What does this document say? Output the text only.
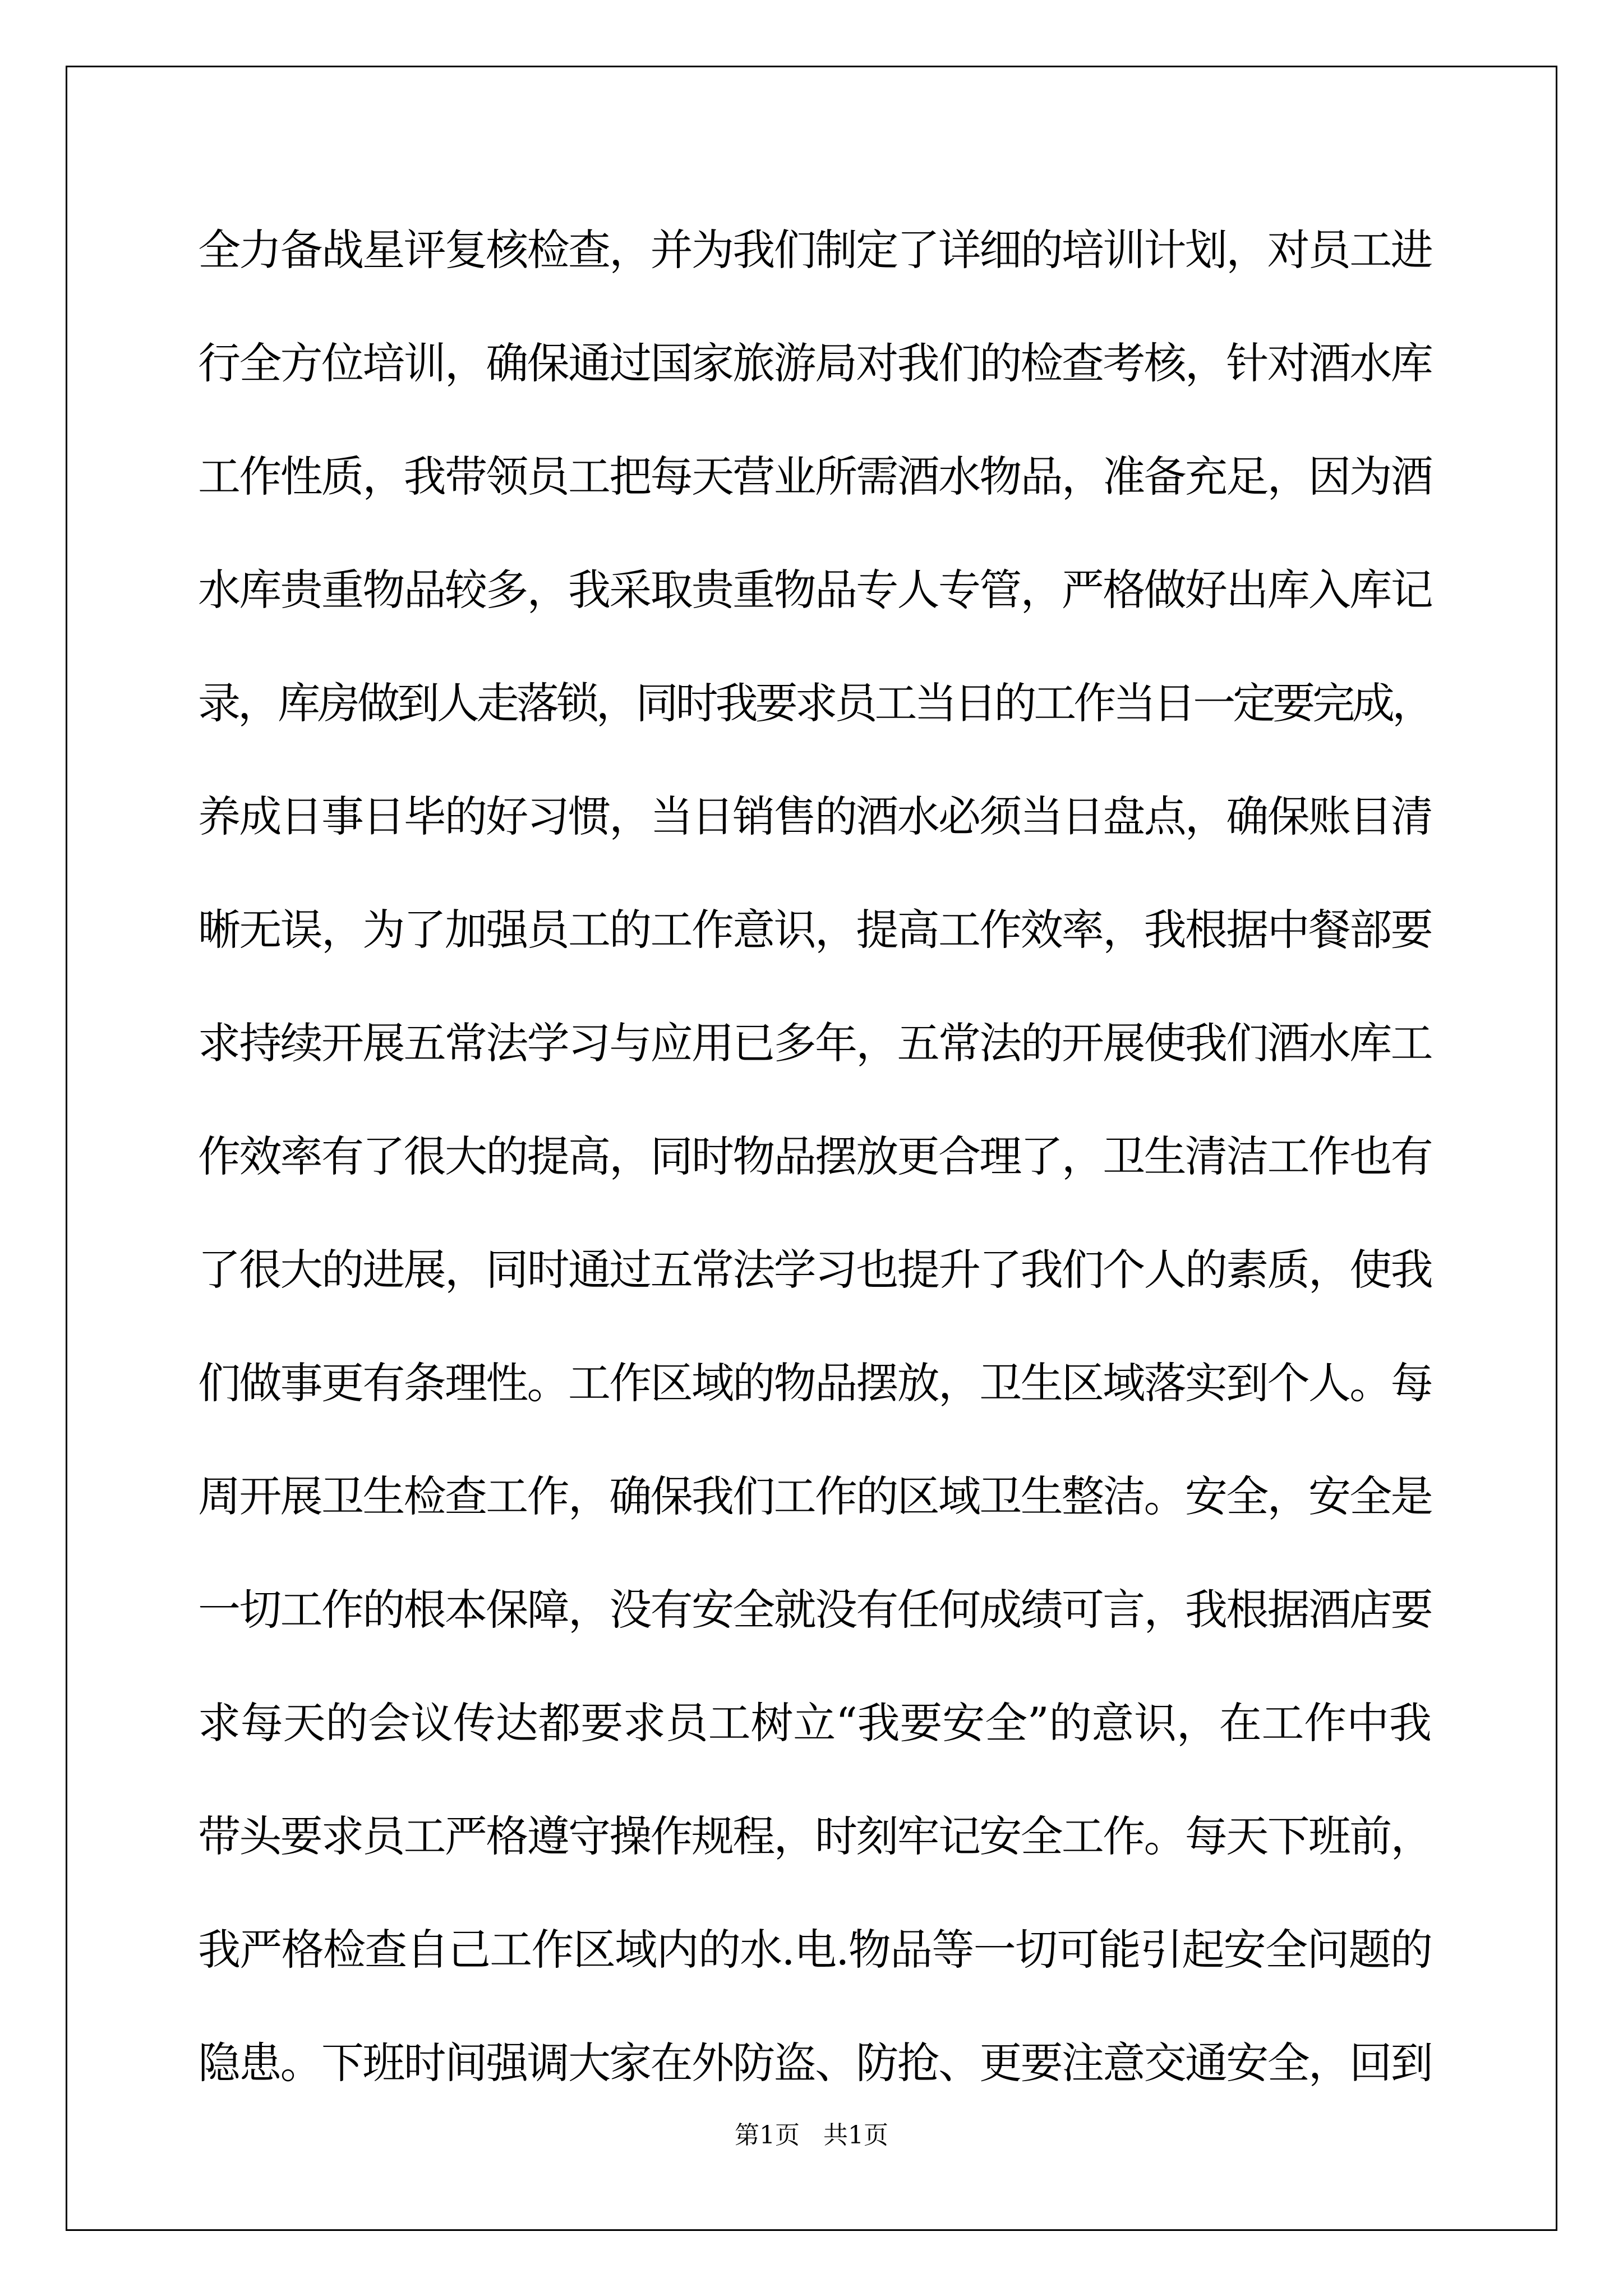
全力备战星评复核检查，并为我们制定了详细的培训计划，对员工进
行全方位培训，确保通过国家旅游局对我们的检查考核，针对酒水库
工作性质，我带领员工把每天营业所需酒水物品，准备充足，因为酒
水库贵重物品较多，我采取贵重物品专人专管，严格做好出库入库记
录，库房做到人走落锁，同时我要求员工当日的工作当日一定要完成，
养成日事日毕的好习惯，当日销售的酒水必须当日盘点，确保账目清
晰无误，为了加强员工的工作意识，提高工作效率，我根据中餐部要
求持续开展五常法学习与应用已多年，五常法的开展使我们酒水库工
作效率有了很大的提高，同时物品摆放更合理了，卫生清洁工作也有
了很大的进展，同时通过五常法学习也提升了我们个人的素质，使我
们做事更有条理性。工作区域的物品摆放，卫生区域落实到个人。每
周开展卫生检查工作，确保我们工作的区域卫生整洁。安全，安全是
一切工作的根本保障，没有安全就没有任何成绩可言，我根据酒店要
求每天的会议传达都要求员工树立“我要安全”的意识，在工作中我
带头要求员工严格遵守操作规程，时刻牢记安全工作。每天下班前，
我严格检查自己工作区域内的水.电.物品等一切可能引起安全问题的
隐患。下班时间强调大家在外防盗、防抢、更要注意交通安全，回到
第1页 共1页
